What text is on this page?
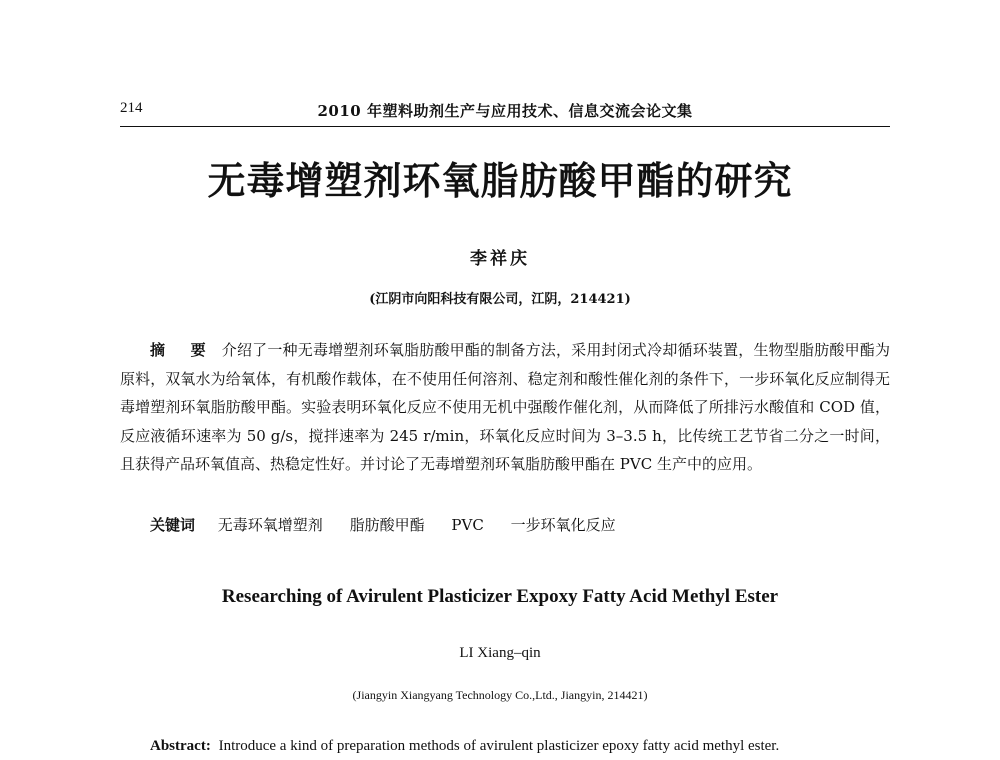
214	2010 年塑料助剂生产与应用技术、信息交流会论文集
无毒增塑剂环氧脂肪酸甲酯的研究
李祥庆
(江阴市向阳科技有限公司，江阴，214421)
摘 要 介绍了一种无毒增塑剂环氧脂肪酸甲酯的制备方法，采用封闭式冷却循环装置，生物型脂肪酸甲酯为原料，双氧水为给氧体，有机酸作载体，在不使用任何溶剂、稳定剂和酸性催化剂的条件下，一步环氧化反应制得无毒增塑剂环氧脂肪酸甲酯。实验表明环氧化反应不使用无机中强酸作催化剂，从而降低了所排污水酸值和 COD 值，反应液循环速率为 50 g/s，搅拌速率为 245 r/min，环氧化反应时间为 3–3.5 h，比传统工艺节省二分之一时间，且获得产品环氧值高、热稳定性好。并讨论了无毒增塑剂环氧脂肪酸甲酯在 PVC 生产中的应用。
关键词 无毒环氧增塑剂 脂肪酸甲酯 PVC 一步环氧化反应
Researching of Avirulent Plasticizer Expoxy Fatty Acid Methyl Ester
LI Xiang–qin
(Jiangyin Xiangyang Technology Co.,Ltd., Jiangyin, 214421)
Abstract: Introduce a kind of preparation methods of avirulent plasticizer epoxy fatty acid methyl ester.
